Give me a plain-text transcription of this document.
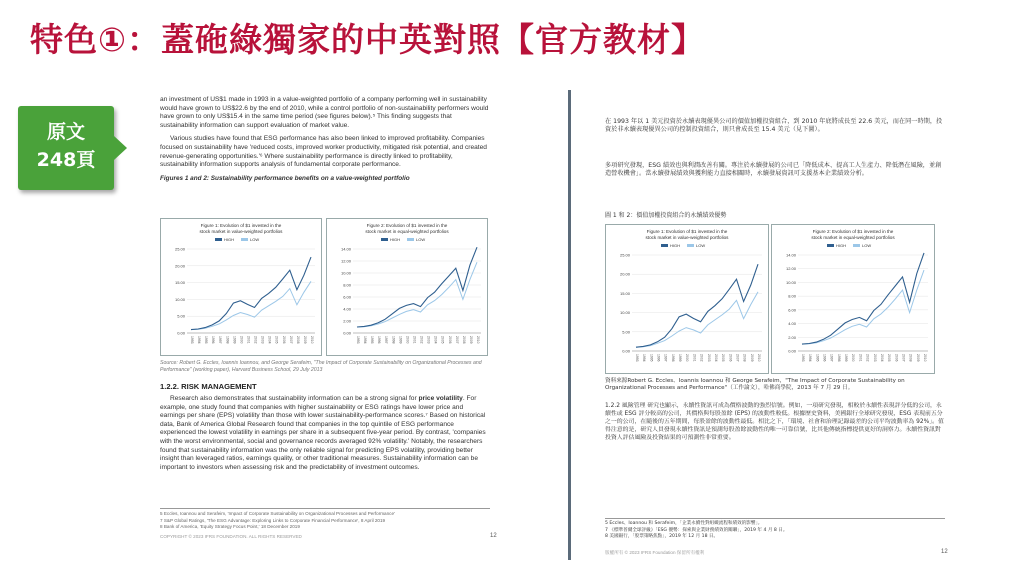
特色①：蓋砤綠獨家的中英對照【官方教材】
原文
248頁

an investment of US$1 made in 1993 in a value-weighted portfolio of a company performing well in sustainability would have grown to US$22.6 by the end of 2010, while a control portfolio of non-sustainability performers would have grown to only US$15.4 in the same time period (see figures below).⁵ This finding suggests that sustainability information can support evaluation of market value.

Various studies have found that ESG performance has also been linked to improved profitability. Companies focused on sustainability have 'reduced costs, improved worker productivity, mitigated risk potential, and created revenue-generating opportunities.'⁶ Where sustainability performance is directly linked to profitability, sustainability information supports analysis of fundamental corporate performance.

Figures 1 and 2: Sustainability performance benefits on a value-weighted portfolio
Figure 1: Evolution of $1 invested in the
stock market in value-weighted portfolios
HIGH	LOW
0.00
5.00
10.00
15.00
20.00
25.00
1993 1994 1995 1996 1997 1998 1999 2000 2001 2002 2003 2004 2005 2006 2007 2008 2009 2010
Figure 2: Evolution of $1 invested in the
stock market in equal-weighted portfolios
HIGH	LOW
0.00
2.00
4.00
6.00
8.00
10.00
12.00
14.00
1993 1994 1995 1996 1997 1998 1999 2000 2001 2002 2003 2004 2005 2006 2007 2008 2009 2010
Source: Robert G. Eccles, Ioannis Ioannou, and George Serafeim, "The Impact of Corporate Sustainability on Organizational Processes and Performance" (working paper), Harvard Business School, 29 July 2013
1.2.2. RISK MANAGEMENT

Research also demonstrates that sustainability information can be a strong signal for price volatility. For example, one study found that companies with higher sustainability or ESG ratings have lower price and earnings per share (EPS) volatility than those with lower sustainability-performance scores.⁷ Based on historical data, Bank of America Global Research found that companies in the top quintile of ESG performance experienced the lowest volatility in earnings per share in a subsequent five-year period. By contrast, 'companies with the worst environmental, social and governance records averaged 92% volatility.' Notably, the researchers found that sustainability information was the only reliable signal for predicting EPS volatility, providing better insight than leveraged ratios, earnings quality, or other traditional measures. Sustainability information can be important to investors when assessing risk and the predictability of investment outcomes.

5 Eccles, Ioannou and Serafeim, 'Impact of Corporate Sustainability on Organizational Processes and Performance'
7 S&P Global Ratings, 'The ESG Advantage: Exploring Links to Corporate Financial Performance', 8 April 2019
8 Bank of America, 'Equity Strategy Focus Point,' 18 December 2019
COPYRIGHT © 2023 IFRS FOUNDATION. ALL RIGHTS RESERVED	12
在 1993 年以 1 美元投資於永續表現優異公司的價值加權投資組合，到 2010 年底將成長至 22.6 美元，而在同一時期，投資於非永續表現優異公司的控制投資組合，則只會成長至 15.4 美元（見下圖）。
多項研究發現，ESG 績效也與利潤改善有關。專注於永續發展的公司已「降低成本、提高工人生產力、降低潛在風險，並創造營收機會」。當永續發展績效與獲利能力直接相關時，永續發展資訊可支援基本企業績效分析。
圖 1 和 2：價值加權投資組合的永續績效優勢
Figure 1: Evolution of $1 invested in the
stock market in value-weighted portfolios
HIGH	LOW
0.00
5.00
10.00
15.00
20.00
25.00
1993 1994 1995 1996 1997 1998 1999 2000 2001 2002 2003 2004 2005 2006 2007 2008 2009 2010
Figure 2: Evolution of $1 invested in the
stock market in equal-weighted portfolios
HIGH	LOW
0.00
2.00
4.00
6.00
8.00
10.00
12.00
14.00
1993 1994 1995 1996 1997 1998 1999 2000 2001 2002 2003 2004 2005 2006 2007 2008 2009 2010
資料來源Robert G. Eccles、Ioannis Ioannou 和 George Serafeim，"The Impact of Corporate Sustainability on Organizational Processes and Performance"（工作論文），哈佛商學院，2013 年 7 月 29 日。
1.2.2 風險管理 研究也顯示，永續性資訊可成為價格波動的強烈信號。例如，一項研究發現，相較於永續性表現評分低的公司，永續性或 ESG 評分較高的公司，其價格與每股盈餘 (EPS) 的波動性較低。根據歷史資料，美國銀行全球研究發現，ESG 表現前五分之一的公司，在隨後的五年期間，每股盈餘的波動性最低。相比之下，「環境、社會和治理記錄最差的公司平均波動率為 92%」。值得注意的是，研究人員發現永續性資訊是預測每股盈餘波動性的唯一可靠信號，比其他傳統指標提供更好的洞察力。永續性資訊對投資人評估風險及投資結果的可預測性非常重要。
5 Eccles、Ioannou 和 Serafeim，「企業永續性對組織流程和績效的影響」。
7 《標準普爾全球評級》「ESG 優勢：探索與企業財務績效的關聯」，2019 年 4 月 8 日。
8 美國銀行，「股票策略焦點」，2019 年 12 月 18 日。
版權所有 © 2023 IFRS Foundation 保留所有權利	12
